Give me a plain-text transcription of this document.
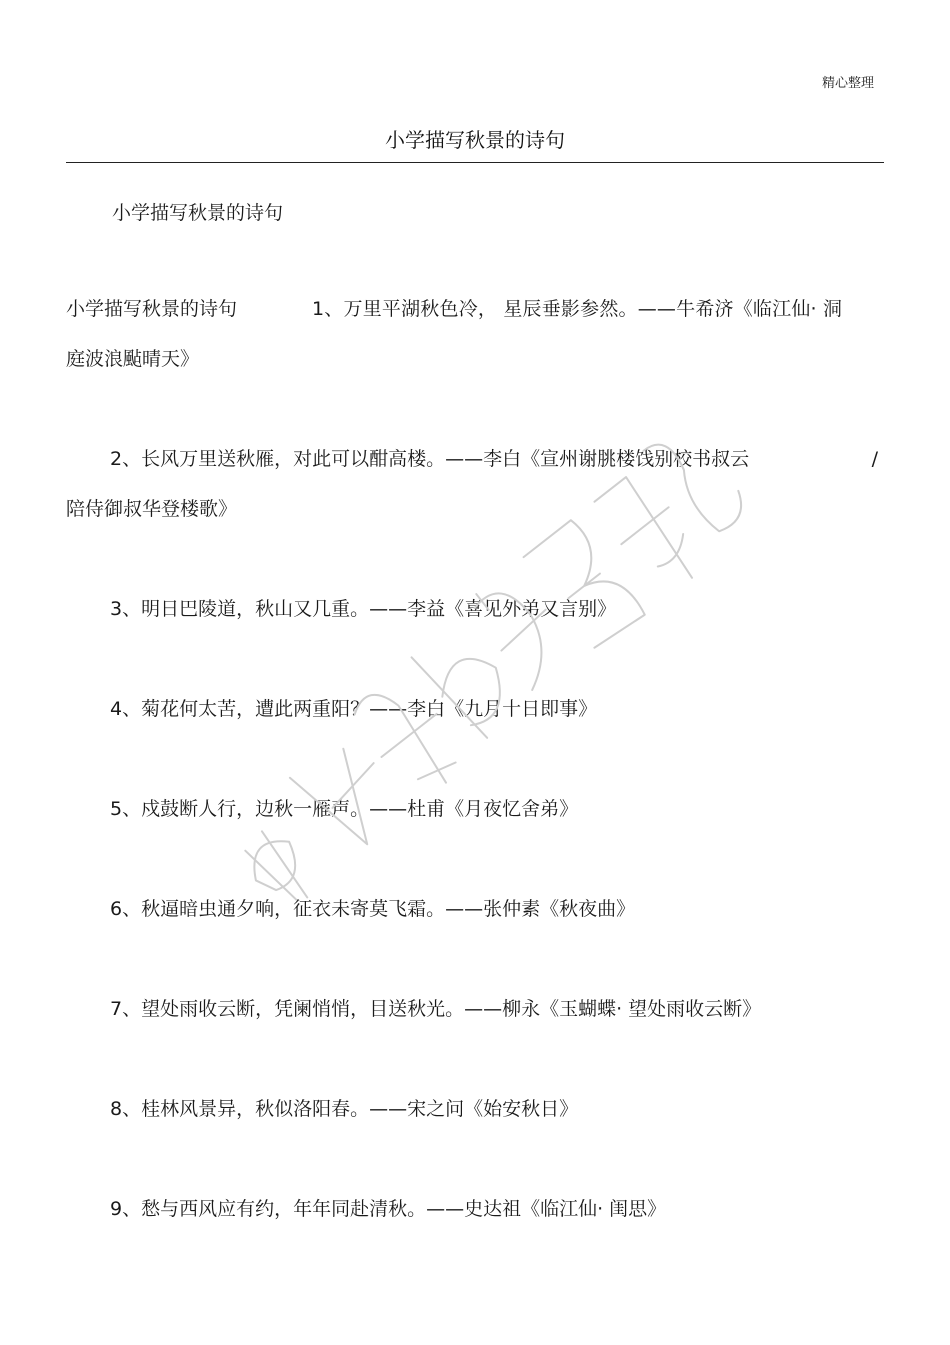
精心整理
小学描写秋景的诗句
小学描写秋景的诗句
小学描写秋景的诗句	1、万里平湖秋色冷， 星辰垂影参然。——牛希济《临江仙· 洞
庭波浪颭晴天》
2、长风万里送秋雁，对此可以酣高楼。——李白《宣州谢朓楼饯别校书叔云	/
陪侍御叔华登楼歌》
3、明日巴陵道，秋山又几重。——李益《喜见外弟又言别》
4、菊花何太苦，遭此两重阳？——李白《九月十日即事》
5、戍鼓断人行，边秋一雁声。——杜甫《月夜忆舍弟》
6、秋逼暗虫通夕响，征衣未寄莫飞霜。——张仲素《秋夜曲》
7、望处雨收云断，凭阑悄悄，目送秋光。——柳永《玉蝴蝶· 望处雨收云断》
8、桂林风景异，秋似洛阳春。——宋之问《始安秋日》
9、愁与西风应有约，年年同赴清秋。——史达祖《临江仙· 闺思》
